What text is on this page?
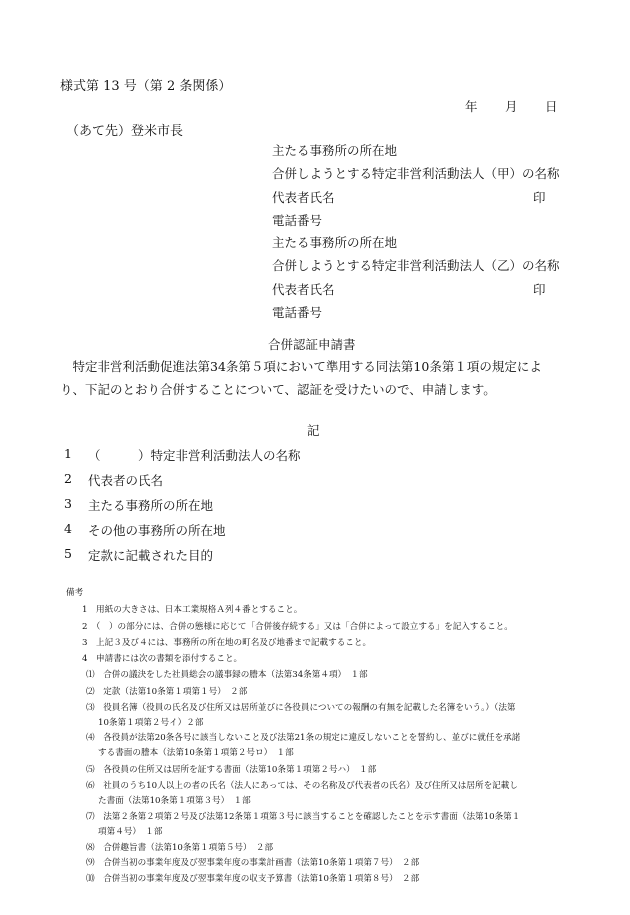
様式第 13 号（第 2 条関係）
年 月 日
（あて先）登米市長
主たる事務所の所在地
合併しようとする特定非営利活動法人（甲）の名称
代表者氏名	印
電話番号
主たる事務所の所在地
合併しようとする特定非営利活動法人（乙）の名称
代表者氏名	印
電話番号
合併認証申請書
　特定非営利活動促進法第34条第５項において準用する同法第10条第１項の規定によ
り、下記のとおり合併することについて、認証を受けたいので、申請します。
記
1 （　　　）特定非営利活動法人の名称
2 代表者の氏名
3 主たる事務所の所在地
4 その他の事務所の所在地
5 定款に記載された目的
備考
1　用紙の大きさは、日本工業規格Ａ列４番とすること。
2　（　）の部分には、合併の態様に応じて「合併後存続する」又は「合併によって設立する」を記入すること。
3　上記３及び４には、事務所の所在地の町名及び地番まで記載すること。
4　申請書には次の書類を添付すること。
⑴　合併の議決をした社員総会の議事録の謄本（法第34条第４項）　１部
⑵　定款（法第10条第１項第１号）　２部
⑶　役員名簿（役員の氏名及び住所又は居所並びに各役員についての報酬の有無を記載した名簿をいう。）（法第
10条第１項第２号イ）２部
⑷　各役員が法第20条各号に該当しないこと及び法第21条の規定に違反しないことを誓約し、並びに就任を承諾
する書面の謄本（法第10条第１項第２号ロ）　１部
⑸　各役員の住所又は居所を証する書面（法第10条第１項第２号ハ）　１部
⑹　社員のうち10人以上の者の氏名（法人にあっては、その名称及び代表者の氏名）及び住所又は居所を記載し
た書面（法第10条第１項第３号）　１部
⑺　法第２条第２項第２号及び法第12条第１項第３号に該当することを確認したことを示す書面（法第10条第１
項第４号）　１部
⑻　合併趣旨書（法第10条第１項第５号）　２部
⑼　合併当初の事業年度及び翌事業年度の事業計画書（法第10条第１項第７号）　２部
⑽　合併当初の事業年度及び翌事業年度の収支予算書（法第10条第１項第８号）　２部
